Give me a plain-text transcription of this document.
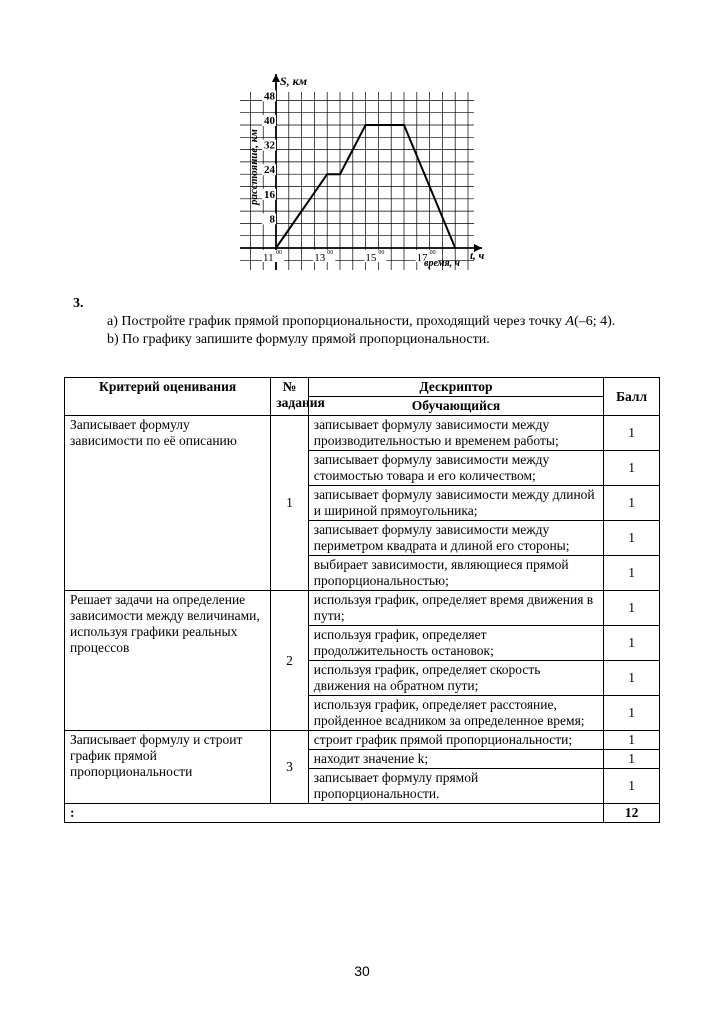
8
16
24
32
40
48
11 00	13 00	15 00	17 00
S, км
расстояние, км
время, ч
t, ч
3.
a) Постройте график прямой пропорциональности, проходящий через точку A(–6; 4).
b) По графику запишите формулу прямой пропорциональности.
Критерий оценивания	№ задания	Дескриптор	Балл
		Обучающийся	
Записывает формулу зависимости по её описанию	1	записывает формулу зависимости между производительностью и временем работы;	1
		записывает формулу зависимости между стоимостью товара и его количеством;	1
		записывает формулу зависимости между длиной и шириной прямоугольника;	1
		записывает формулу зависимости между периметром квадрата и длиной его стороны;	1
		выбирает зависимости, являющиеся прямой пропорциональностью;	1
Решает задачи на определение зависимости между величинами, используя графики реальных процессов	2	используя график, определяет время движения в пути;	1
		используя график, определяет продолжительность остановок;	1
		используя график, определяет скорость движения на обратном пути;	1
		используя график, определяет расстояние, пройденное всадником за определенное время;	1
Записывает формулу и строит график прямой пропорциональности	3	строит график прямой пропорциональности;	1
		находит значение k;	1
		записывает формулу прямой пропорциональности.	1
:			12
30
